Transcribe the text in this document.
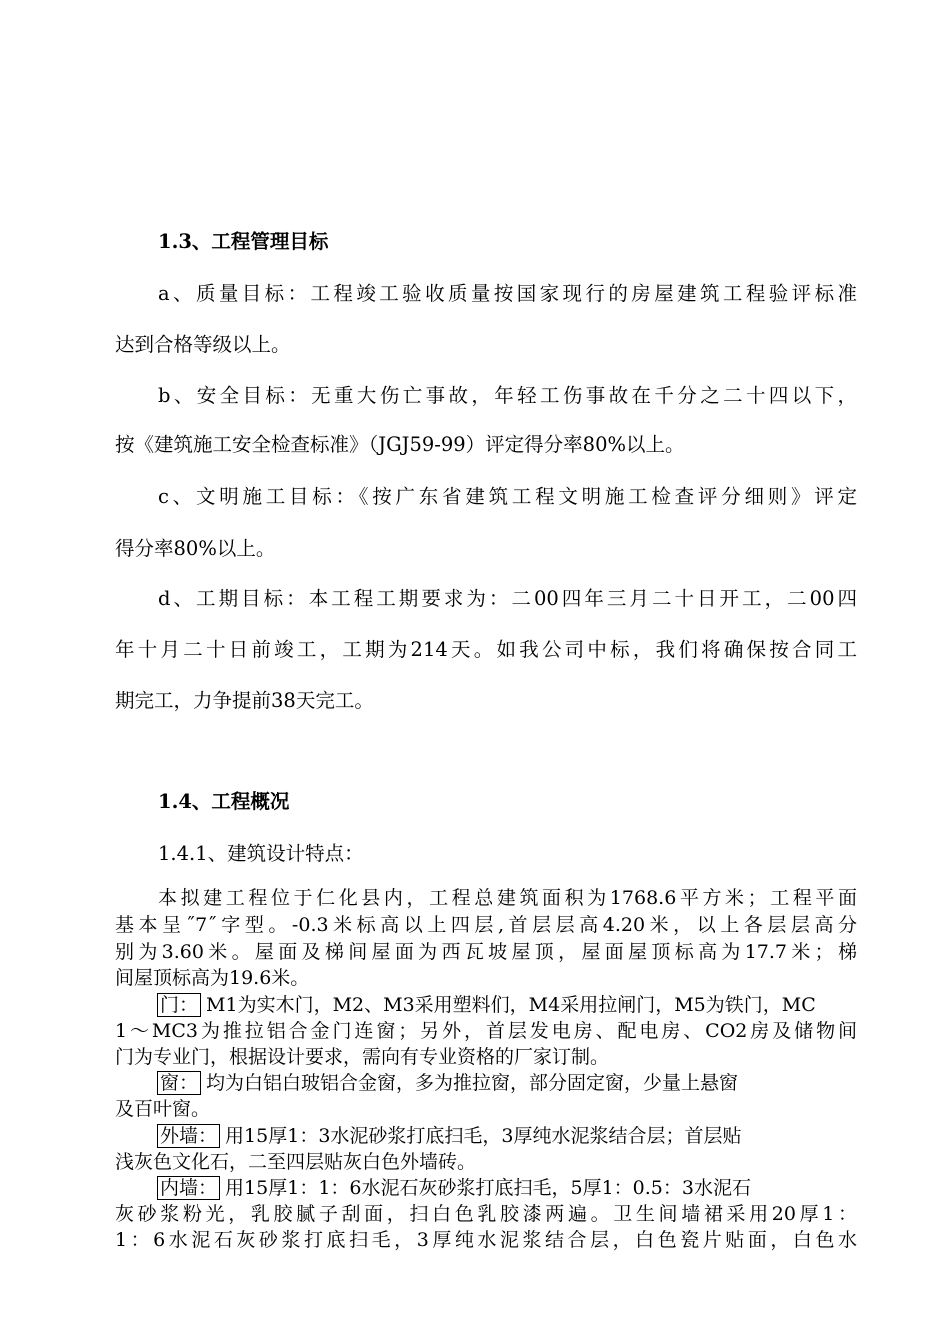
1.3、工程管理目标

a、质量目标：工程竣工验收质量按国家现行的房屋建筑工程验评标准

达到合格等级以上。

b、安全目标：无重大伤亡事故，年轻工伤事故在千分之二十四以下，

按《建筑施工安全检查标准》（JGJ59-99）评定得分率80%以上。

c、文明施工目标：《按广东省建筑工程文明施工检查评分细则》评定

得分率80%以上。

d、工期目标：本工程工期要求为：二00四年三月二十日开工，二00四

年十月二十日前竣工，工期为214天。如我公司中标，我们将确保按合同工

期完工，力争提前38天完工。

1.4、工程概况

1.4.1、建筑设计特点：

本拟建工程位于仁化县内，工程总建筑面积为1768.6平方米；工程平面

基本呈˝7˝字型。-0.3米标高以上四层,首层层高4.20米，以上各层层高分

别为3.60米。屋面及梯间屋面为西瓦坡屋顶，屋面屋顶标高为17.7米；梯

间屋顶标高为19.6米。

门： M1为实木门，M2、M3采用塑料们，M4采用拉闸门，M5为铁门，MC

1～MC3为推拉铝合金门连窗；另外，首层发电房、配电房、CO2房及储物间

门为专业门，根据设计要求，需向有专业资格的厂家订制。

窗： 均为白铝白玻铝合金窗，多为推拉窗，部分固定窗，少量上悬窗

及百叶窗。

外墙： 用15厚1：3水泥砂浆打底扫毛，3厚纯水泥浆结合层；首层贴

浅灰色文化石，二至四层贴灰白色外墙砖。

内墙： 用15厚1：1：6水泥石灰砂浆打底扫毛，5厚1：0.5：3水泥石

灰砂浆粉光，乳胶腻子刮面，扫白色乳胶漆两遍。卫生间墙裙采用20厚1：

1：6水泥石灰砂浆打底扫毛，3厚纯水泥浆结合层，白色瓷片贴面，白色水
